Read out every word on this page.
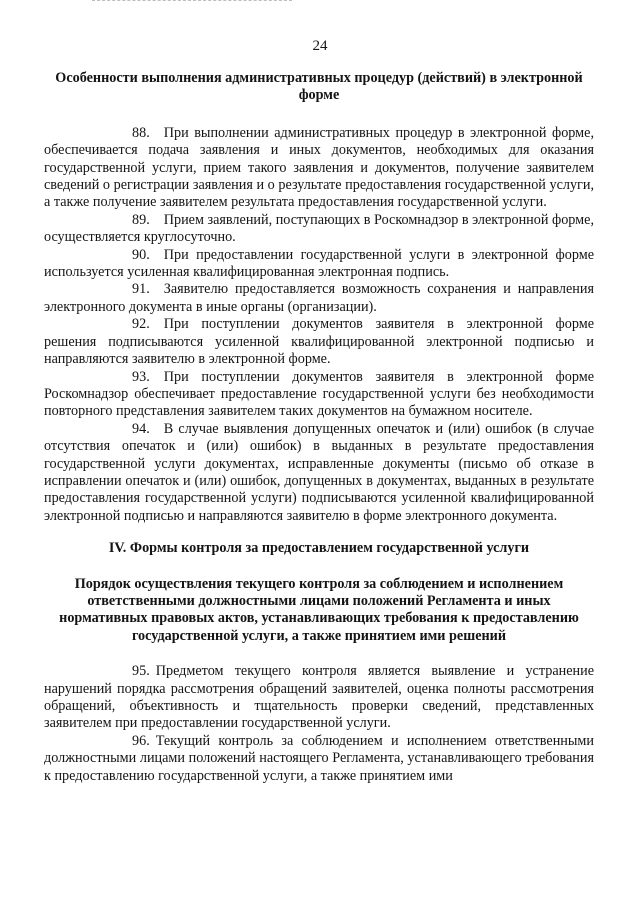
24

Особенности выполнения административных процедур (действий) в электронной форме

88. При выполнении административных процедур в электронной форме, обеспечивается подача заявления и иных документов, необходимых для оказания государственной услуги, прием такого заявления и документов, получение заявителем сведений о регистрации заявления и о результате предоставления государственной услуги, а также получение заявителем результата предоставления государственной услуги.

89. Прием заявлений, поступающих в Роскомнадзор в электронной форме, осуществляется круглосуточно.

90. При предоставлении государственной услуги в электронной форме используется усиленная квалифицированная электронная подпись.

91. Заявителю предоставляется возможность сохранения и направления электронного документа в иные органы (организации).

92. При поступлении документов заявителя в электронной форме решения подписываются усиленной квалифицированной электронной подписью и направляются заявителю в электронной форме.

93. При поступлении документов заявителя в электронной форме Роскомнадзор обеспечивает предоставление государственной услуги без необходимости повторного представления заявителем таких документов на бумажном носителе.

94. В случае выявления допущенных опечаток и (или) ошибок (в случае отсутствия опечаток и (или) ошибок) в выданных в результате предоставления государственной услуги документах, исправленные документы (письмо об отказе в исправлении опечаток и (или) ошибок, допущенных в документах, выданных в результате предоставления государственной услуги) подписываются усиленной квалифицированной электронной подписью и направляются заявителю в форме электронного документа.

IV. Формы контроля за предоставлением государственной услуги

Порядок осуществления текущего контроля за соблюдением и исполнением ответственными должностными лицами положений Регламента и иных нормативных правовых актов, устанавливающих требования к предоставлению государственной услуги, а также принятием ими решений

95. Предметом текущего контроля является выявление и устранение нарушений порядка рассмотрения обращений заявителей, оценка полноты рассмотрения обращений, объективность и тщательность проверки сведений, представленных заявителем при предоставлении государственной услуги.

96. Текущий контроль за соблюдением и исполнением ответственными должностными лицами положений настоящего Регламента, устанавливающего требования к предоставлению государственной услуги, а также принятием ими
